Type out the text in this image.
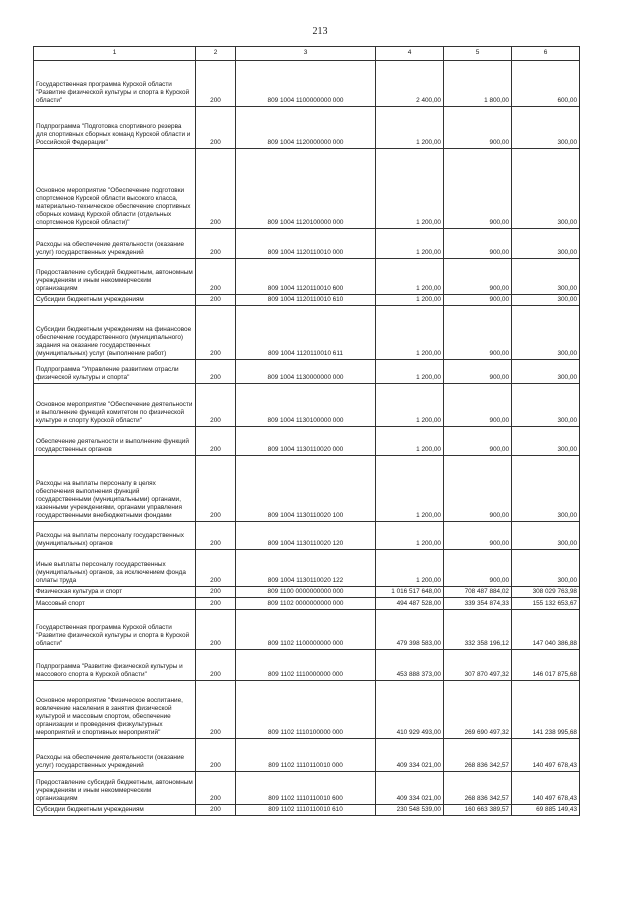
213
1	2	3	4	5	6
Государственная программа Курской области "Развитие физической культуры и спорта в Курской области"	200	809 1004 1100000000 000	2 400,00	1 800,00	600,00
Подпрограмма "Подготовка спортивного резерва для спортивных сборных команд Курской области и Российской Федерации"	200	809 1004 1120000000 000	1 200,00	900,00	300,00
Основное мероприятие "Обеспечение подготовки спортсменов Курской области высокого класса, материально-техническое обеспечение спортивных сборных команд Курской области (отдельных спортсменов Курской области)"	200	809 1004 1120100000 000	1 200,00	900,00	300,00
Расходы на обеспечение деятельности (оказание услуг) государственных учреждений	200	809 1004 1120110010 000	1 200,00	900,00	300,00
Предоставление субсидий бюджетным, автономным учреждениям и иным некоммерческим организациям	200	809 1004 1120110010 600	1 200,00	900,00	300,00
Субсидии бюджетным учреждениям	200	809 1004 1120110010 610	1 200,00	900,00	300,00
Субсидии бюджетным учреждениям на финансовое обеспечение государственного (муниципального) задания на оказание государственных (муниципальных) услуг (выполнение работ)	200	809 1004 1120110010 611	1 200,00	900,00	300,00
Подпрограмма "Управление развитием отрасли физической культуры и спорта"	200	809 1004 1130000000 000	1 200,00	900,00	300,00
Основное мероприятие "Обеспечение деятельности и выполнение функций комитетом по физической культуре и спорту Курской области"	200	809 1004 1130100000 000	1 200,00	900,00	300,00
Обеспечение деятельности и выполнение функций государственных органов	200	809 1004 1130110020 000	1 200,00	900,00	300,00
Расходы на выплаты персоналу в целях обеспечения выполнения функций государственными (муниципальными) органами, казенными учреждениями, органами управления государственными внебюджетными фондами	200	809 1004 1130110020 100	1 200,00	900,00	300,00
Расходы на выплаты персоналу государственных (муниципальных) органов	200	809 1004 1130110020 120	1 200,00	900,00	300,00
Иные выплаты персоналу государственных (муниципальных) органов, за исключением фонда оплаты труда	200	809 1004 1130110020 122	1 200,00	900,00	300,00
Физическая культура и спорт	200	809 1100 0000000000 000	1 016 517 648,00	708 487 884,02	308 029 763,98
Массовый спорт	200	809 1102 0000000000 000	494 487 528,00	339 354 874,33	155 132 653,67
Государственная программа Курской области "Развитие физической культуры и спорта в Курской области"	200	809 1102 1100000000 000	479 398 583,00	332 358 196,12	147 040 386,88
Подпрограмма "Развитие физической культуры и массового спорта в Курской области"	200	809 1102 1110000000 000	453 888 373,00	307 870 497,32	146 017 875,68
Основное мероприятие "Физическое воспитание, вовлечение населения в занятия физической культурой и массовым спортом, обеспечение организации и проведения физкультурных мероприятий и спортивных мероприятий"	200	809 1102 1110100000 000	410 929 493,00	269 690 497,32	141 238 995,68
Расходы на обеспечение деятельности (оказание услуг) государственных учреждений	200	809 1102 1110110010 000	409 334 021,00	268 836 342,57	140 497 678,43
Предоставление субсидий бюджетным, автономным учреждениям и иным некоммерческим организациям	200	809 1102 1110110010 600	409 334 021,00	268 836 342,57	140 497 678,43
Субсидии бюджетным учреждениям	200	809 1102 1110110010 610	230 548 539,00	160 663 389,57	69 885 149,43
